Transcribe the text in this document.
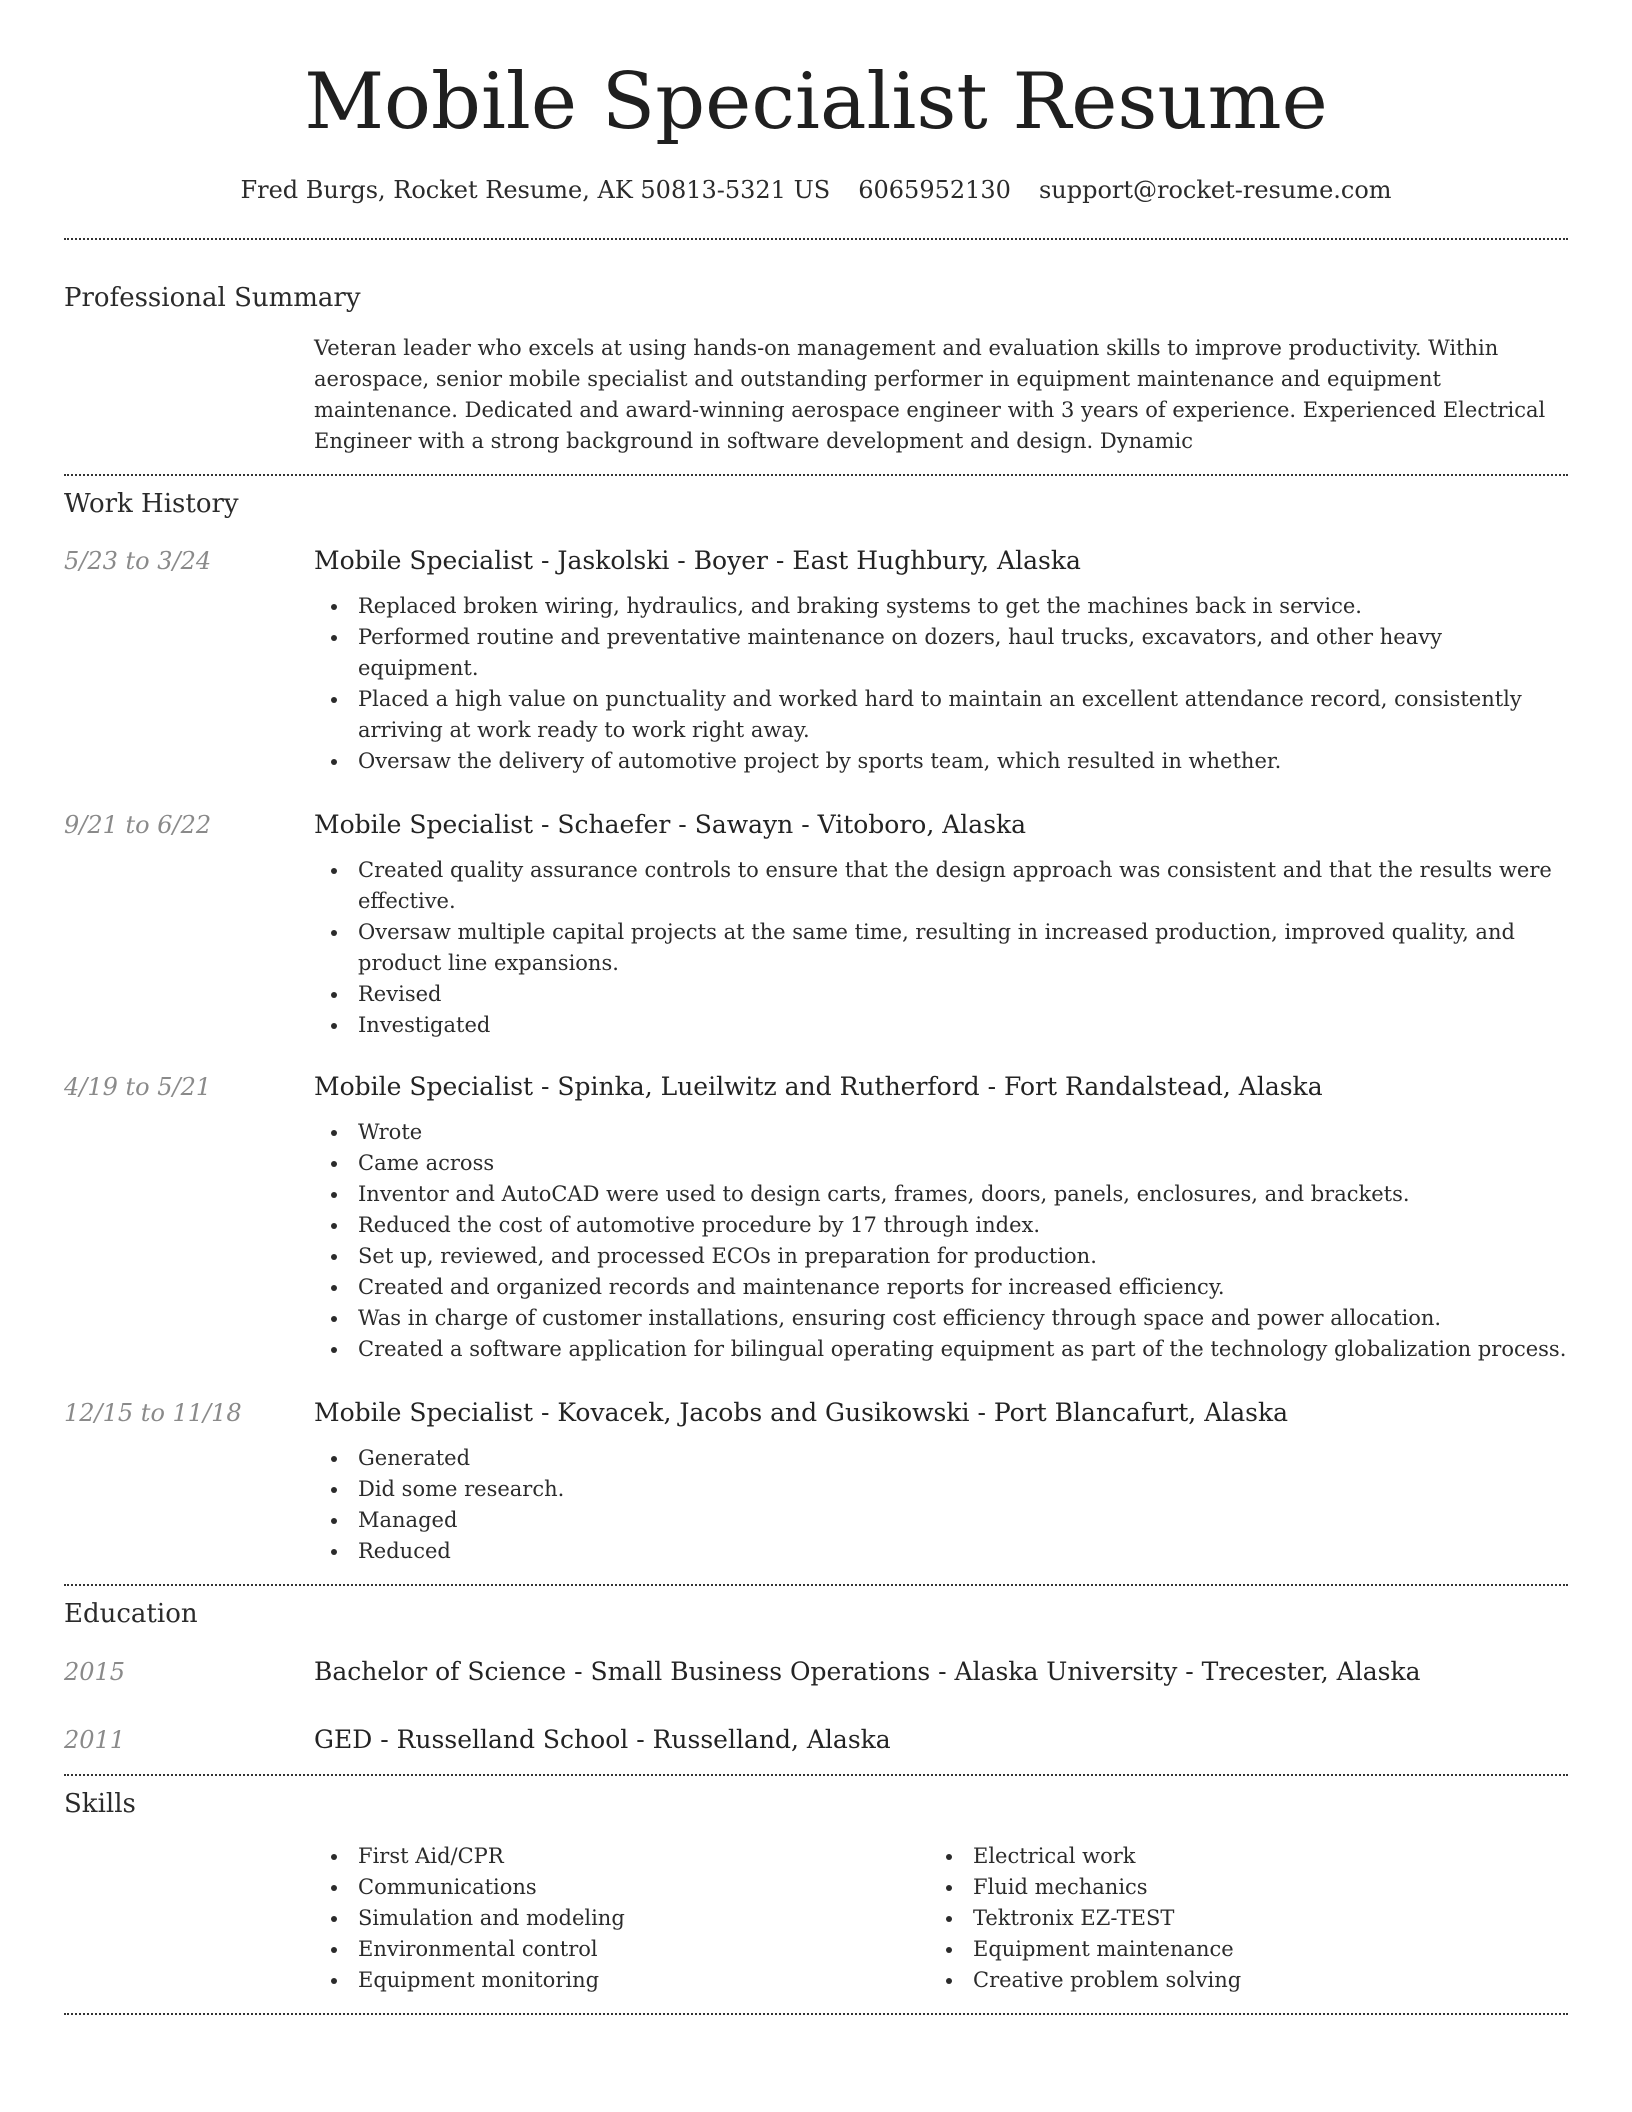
Mobile Specialist Resume
Fred Burgs, Rocket Resume, AK 50813-5321 US 6065952130 support@rocket-resume.com
Professional Summary
Veteran leader who excels at using hands-on management and evaluation skills to improve productivity. Within aerospace, senior mobile specialist and outstanding performer in equipment maintenance and equipment maintenance. Dedicated and award-winning aerospace engineer with 3 years of experience. Experienced Electrical Engineer with a strong background in software development and design. Dynamic
Work History
5/23 to 3/24	Mobile Specialist - Jaskolski - Boyer - East Hughbury, Alaska
Replaced broken wiring, hydraulics, and braking systems to get the machines back in service.
Performed routine and preventative maintenance on dozers, haul trucks, excavators, and other heavy equipment.
Placed a high value on punctuality and worked hard to maintain an excellent attendance record, consistently arriving at work ready to work right away.
Oversaw the delivery of automotive project by sports team, which resulted in whether.
9/21 to 6/22	Mobile Specialist - Schaefer - Sawayn - Vitoboro, Alaska
Created quality assurance controls to ensure that the design approach was consistent and that the results were effective.
Oversaw multiple capital projects at the same time, resulting in increased production, improved quality, and product line expansions.
Revised
Investigated
4/19 to 5/21	Mobile Specialist - Spinka, Lueilwitz and Rutherford - Fort Randalstead, Alaska
Wrote
Came across
Inventor and AutoCAD were used to design carts, frames, doors, panels, enclosures, and brackets.
Reduced the cost of automotive procedure by 17 through index.
Set up, reviewed, and processed ECOs in preparation for production.
Created and organized records and maintenance reports for increased efficiency.
Was in charge of customer installations, ensuring cost efficiency through space and power allocation.
Created a software application for bilingual operating equipment as part of the technology globalization process.
12/15 to 11/18	Mobile Specialist - Kovacek, Jacobs and Gusikowski - Port Blancafurt, Alaska
Generated
Did some research.
Managed
Reduced
Education
2015	Bachelor of Science - Small Business Operations - Alaska University - Trecester, Alaska
2011	GED - Russelland School - Russelland, Alaska
Skills
First Aid/CPR
Communications
Simulation and modeling
Environmental control
Equipment monitoring
Electrical work
Fluid mechanics
Tektronix EZ-TEST
Equipment maintenance
Creative problem solving
